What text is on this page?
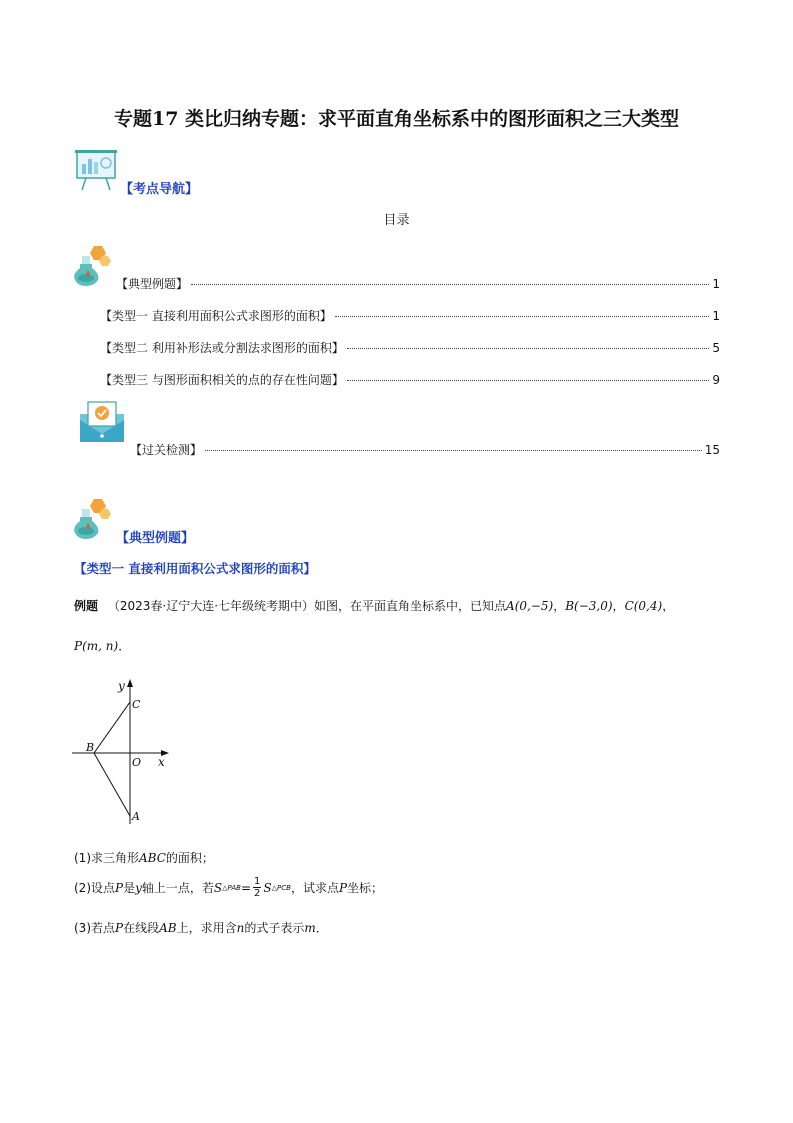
专题17 类比归纳专题：求平面直角坐标系中的图形面积之三大类型
【考点导航】
目录
【典型例题】	1
【类型一 直接利用面积公式求图形的面积】	1
【类型二 利用补形法或分割法求图形的面积】	5
【类型三 与图形面积相关的点的存在性问题】	9
【过关检测】	15
【典型例题】
【类型一 直接利用面积公式求图形的面积】
例题 （2023春·辽宁大连·七年级统考期中）如图，在平面直角坐标系中，已知点A(0,−5)，B(−3,0)，C(0,4)，
P(m, n)．
y
x
C
B
O
A
(1)求三角形ABC的面积；
(2)设点 P 是 y 轴上一点，若 S △PAB = $\frac{1}{2}$ S △PCB ，试求点 P 坐标；
(3)若点P在线段AB上，求用含n的式子表示m．
